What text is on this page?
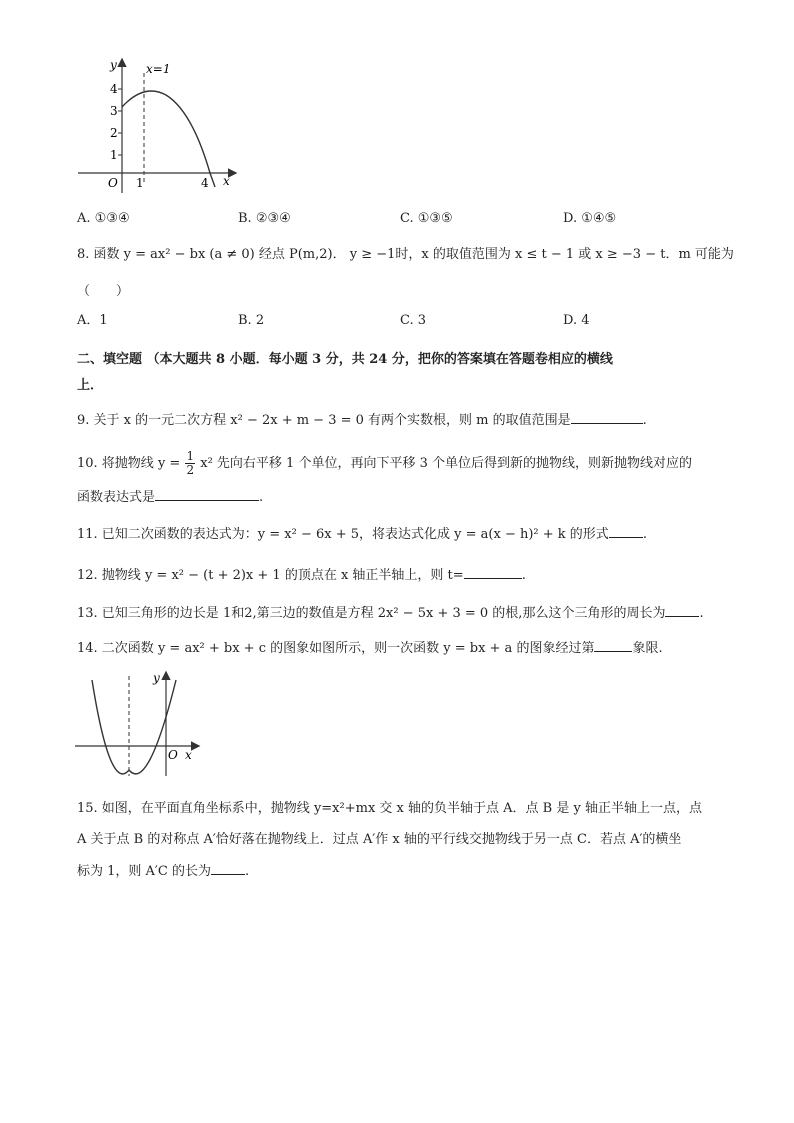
y x=1
4
3
2
1
O 1	4 x
A. ①③④	B. ②③④	C. ①③⑤	D. ①④⑤
8. 函数 y = ax² − bx (a ≠ 0) 经点 P(m,2)． y ≥ −1时，x 的取值范围为 x ≤ t − 1 或 x ≥ −3 − t．m 可能为
（　　）
A．1	B. 2	C. 3	D. 4
二、填空题 （本大题共 8 小题．每小题 3 分，共 24 分，把你的答案填在答题卷相应的横线
上．
9. 关于 x 的一元二次方程 x² − 2x + m − 3 = 0 有两个实数根，则 m 的取值范围是	.
10. 将抛物线 $y = \frac{1}{2} x^2$ 先向右平移 1 个单位，再向下平移 3 个单位后得到新的抛物线，则新抛物线对应的
函数表达式是	.
11. 已知二次函数的表达式为：y = x² − 6x + 5，将表达式化成 y = a(x − h)² + k 的形式	.
12. 抛物线 y = x² − (t + 2)x + 1 的顶点在 x 轴正半轴上，则 t=	.
13. 已知三角形的边长是 1和2,第三边的数值是方程 2x² − 5x + 3 = 0 的根,那么这个三角形的周长为	.
14. 二次函数 y = ax² + bx + c 的图象如图所示，则一次函数 y = bx + a 的图象经过第	象限.
y
O x
15. 如图，在平面直角坐标系中，抛物线 y=x²+mx 交 x 轴的负半轴于点 A．点 B 是 y 轴正半轴上一点，点
A 关于点 B 的对称点 A′恰好落在抛物线上．过点 A′作 x 轴的平行线交抛物线于另一点 C．若点 A′的横坐
标为 1，则 A′C 的长为	.
